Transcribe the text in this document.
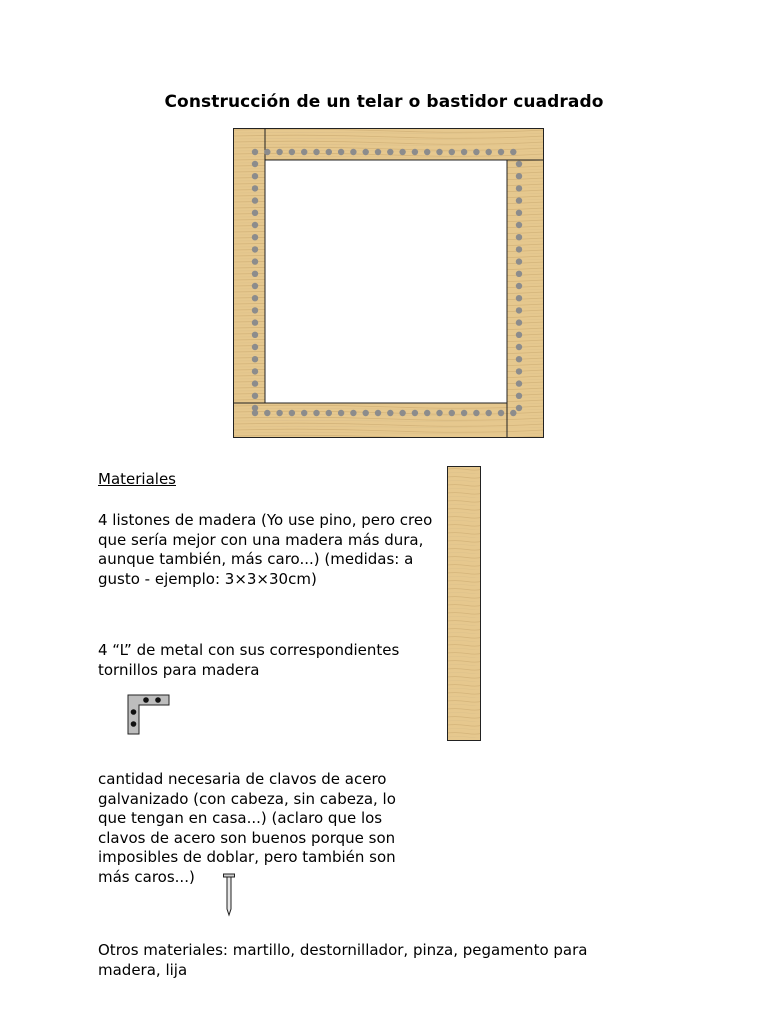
Construcción de un telar o bastidor cuadrado
Materiales
4 listones de madera (Yo use pino, pero creo que sería mejor con una madera más dura, aunque también, más caro...) (medidas: a gusto - ejemplo: 3×3×30cm)
4 “L” de metal con sus correspondientes tornillos para madera
cantidad necesaria de clavos de acero galvanizado (con cabeza, sin cabeza, lo que tengan en casa...) (aclaro que los clavos de acero son buenos porque son imposibles de doblar, pero también son más caros...)
Otros materiales: martillo, destornillador, pinza, pegamento para madera, lija
